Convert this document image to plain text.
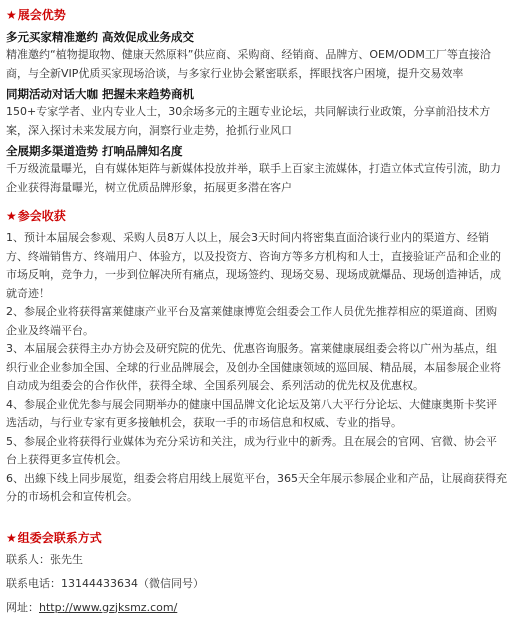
★展会优势
多元买家精准邀约 高效促成业务成交

精准邀约“植物提取物、健康天然原料”供应商、采购商、经销商、品牌方、OEM/ODM工厂等直接洽商，与全新VIP优质买家现场洽谈，与多家行业协会紧密联系，挥眼找客户困境，提升交易效率

同期活动对话大咖 把握未来趋势商机

150+专家学者、业内专业人士，30余场多元的主题专业论坛，共同解读行业政策，分享前沿技术方案，深入探讨未来发展方向，洞察行业走势，抢抓行业风口

全展期多渠道造势 打响品牌知名度

千万级流量曝光，自有媒体矩阵与新媒体投放并举，联手上百家主流媒体，打造立体式宣传引流，助力企业获得海量曝光，树立优质品牌形象，拓展更多潜在客户

★参会收获

1、预计本届展会参观、采购人员8万人以上，展会3天时间内将密集直面洽谈行业内的渠道方、经销方、终端销售方、终端用户、体验方，以及投资方、咨询方等多方机构和人士，直接验证产品和企业的市场反响，竞争力，一步到位解决所有痛点，现场签约、现场交易、现场成就爆品、现场创造神话，成就奇迹！

2、参展企业将获得富莱健康产业平台及富莱健康博览会组委会工作人员优先推荐相应的渠道商、团购企业及终端平台。

3、本届展会获得主办方协会及研究院的优先、优惠咨询服务。富莱健康展组委会将以广州为基点，组织行业企业参加全国、全球的行业品牌展会，及创办全国健康领域的巡回展、精品展，本届参展企业将自动成为组委会的合作伙伴，获得全球、全国系列展会、系列活动的优先权及优惠权。

4、参展企业优先参与展会同期举办的健康中国品牌文化论坛及第八大平行分论坛、大健康奥斯卡奖评选活动，与行业专家有更多接触机会，获取一手的市场信息和权威、专业的指导。

5、参展企业将获得行业媒体为充分采访和关注，成为行业中的新秀。且在展会的官网、官微、协会平台上获得更多宣传机会。

6、出線下线上同步展览，组委会将启用线上展览平台，365天全年展示参展企业和产品，让展商获得充分的市场机会和宣传机会。

★组委会联系方式

联系人：张先生

联系电话：13144433634（微信同号）

网址：http://www.gzjksmz.com/
